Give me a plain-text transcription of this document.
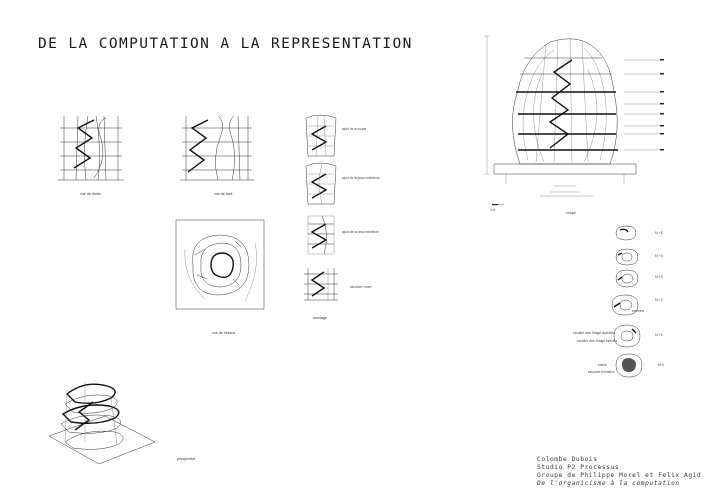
DE LA COMPUTATION A LA REPRESENTATION
vue de droite	vue de face
vue de dessus
ajout de la coque
ajout de la peau extérieure
ajout de la peau intérieure
structure «nue»
montage
perspective
0 m
coupe
N +5
N +4
N +3
N +2
extérieur
N +1
escalier vers l'étage supérieur
escalier vers l'étage inférieur
N 0
entrée
structure formation
Colombe Dubois
Studio P2 Processus
Groupe de Philippe Morel et Felix Agid
De l'organicisme à la computation
